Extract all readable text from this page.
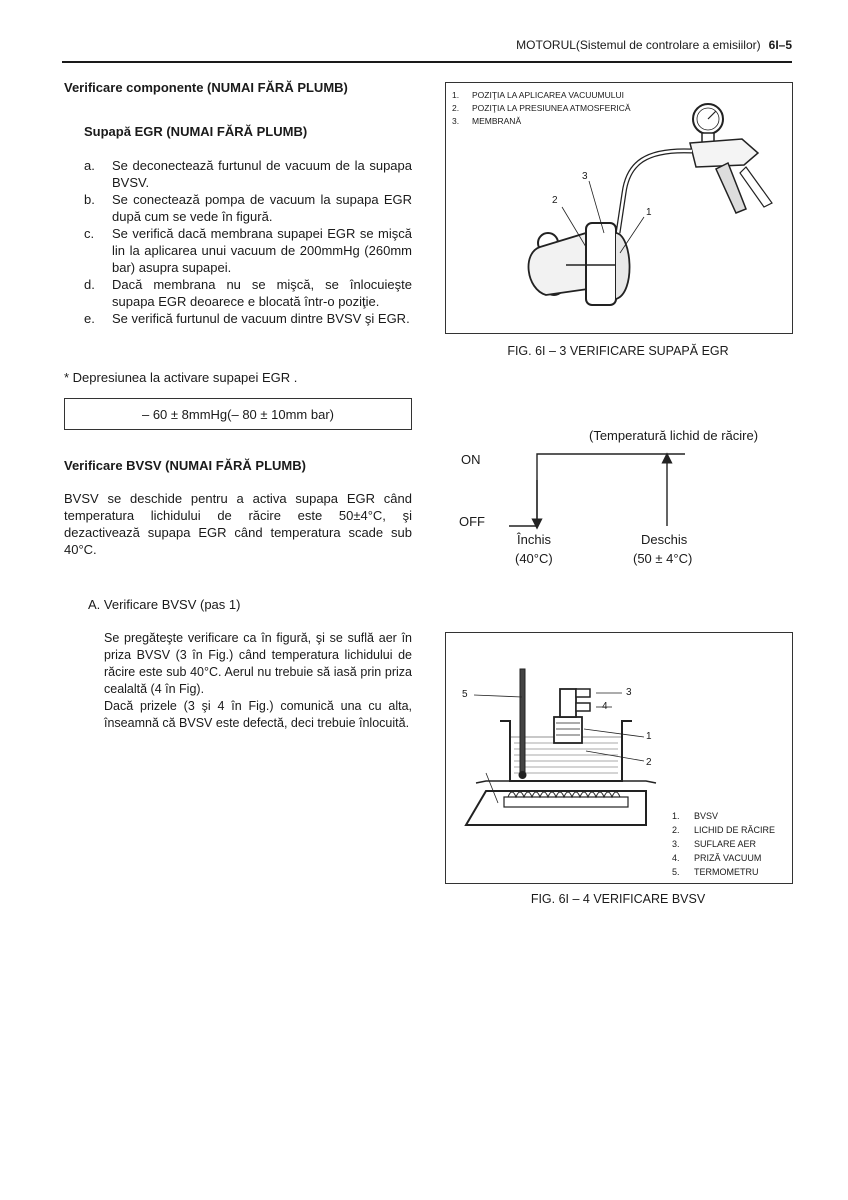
MOTORUL(Sistemul de controlare a emisiilor) 6I–5
Verificare componente (NUMAI FĂRĂ PLUMB)
Supapă EGR (NUMAI FĂRĂ PLUMB)
a.	Se deconectează furtunul de vacuum de la supapa BVSV.
b.	Se conectează pompa de vacuum la supapa EGR după cum se vede în figură.
c.	Se verifică dacă membrana supapei EGR se mişcă lin la aplicarea unui vacuum de 200mmHg (260mm bar) asupra supapei.
d.	Dacă membrana nu se mişcă, se înlocuieşte supapa EGR deoarece e blocată într-o poziţie.
e.	Se verifică furtunul de vacuum dintre BVSV şi EGR.
* Depresiunea la activare supapei EGR .
– 60 ± 8mmHg(– 80 ± 10mm bar)
Verificare BVSV (NUMAI FĂRĂ PLUMB)
BVSV se deschide pentru a activa supapa EGR când temperatura lichidului de răcire este 50±4°C, şi dezactivează supapa EGR când temperatura scade sub 40°C.
A. Verificare BVSV (pas 1)
Se pregăteşte verificare ca în figură, şi se suflă aer în priza BVSV (3 în Fig.) când temperatura lichidului de răcire este sub 40°C. Aerul nu trebuie să iasă prin priza cealaltă (4 în Fig).
Dacă prizele (3 şi 4 în Fig.) comunică una cu alta, înseamnă că BVSV este defectă, deci trebuie înlocuită.
1.	POZIŢIA LA APLICAREA VACUUMULUI
2.	POZIŢIA LA PRESIUNEA ATMOSFERICĂ
3.	MEMBRANĂ
3
2
1
FIG. 6I – 3 VERIFICARE SUPAPĂ EGR
(Temperatură lichid de răcire)
ON
OFF
Închis
(40°C)
Deschis
(50 ± 4°C)
5	3
4
1
2
1.	BVSV
2.	LICHID DE RĂCIRE
3.	SUFLARE AER
4.	PRIZĂ VACUUM
5.	TERMOMETRU
FIG. 6I – 4 VERIFICARE BVSV
